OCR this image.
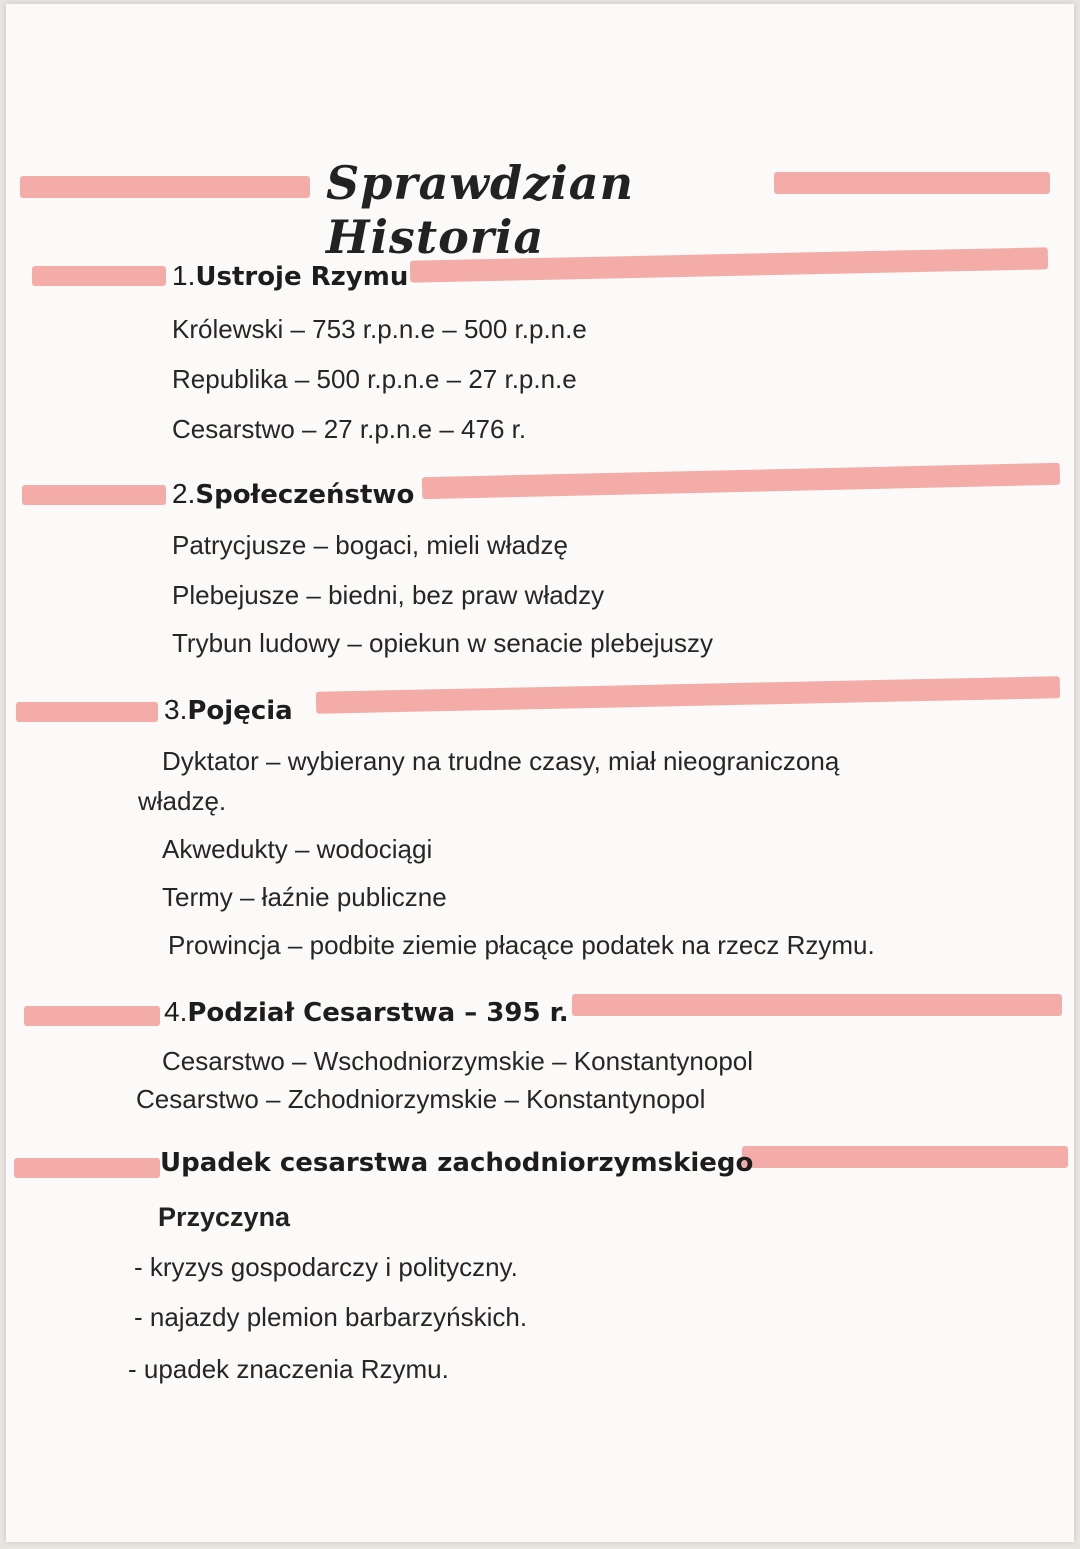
Sprawdzian Historia
1.Ustroje Rzymu
Królewski – 753 r.p.n.e – 500 r.p.n.e
Republika – 500 r.p.n.e – 27 r.p.n.e
Cesarstwo – 27 r.p.n.e – 476 r.
2.Społeczeństwo
Patrycjusze – bogaci, mieli władzę
Plebejusze – biedni, bez praw władzy
Trybun ludowy – opiekun w senacie plebejuszy
3.Pojęcia
Dyktator – wybierany na trudne czasy, miał nieograniczoną
władzę.
Akwedukty – wodociągi
Termy – łaźnie publiczne
Prowincja – podbite ziemie płacące podatek na rzecz Rzymu.
4.Podział Cesarstwa – 395 r.
Cesarstwo – Wschodniorzymskie – Konstantynopol
Cesarstwo – Zchodniorzymskie – Konstantynopol
Upadek cesarstwa zachodniorzymskiego
Przyczyna
- kryzys gospodarczy i polityczny.
- najazdy plemion barbarzyńskich.
- upadek znaczenia Rzymu.
